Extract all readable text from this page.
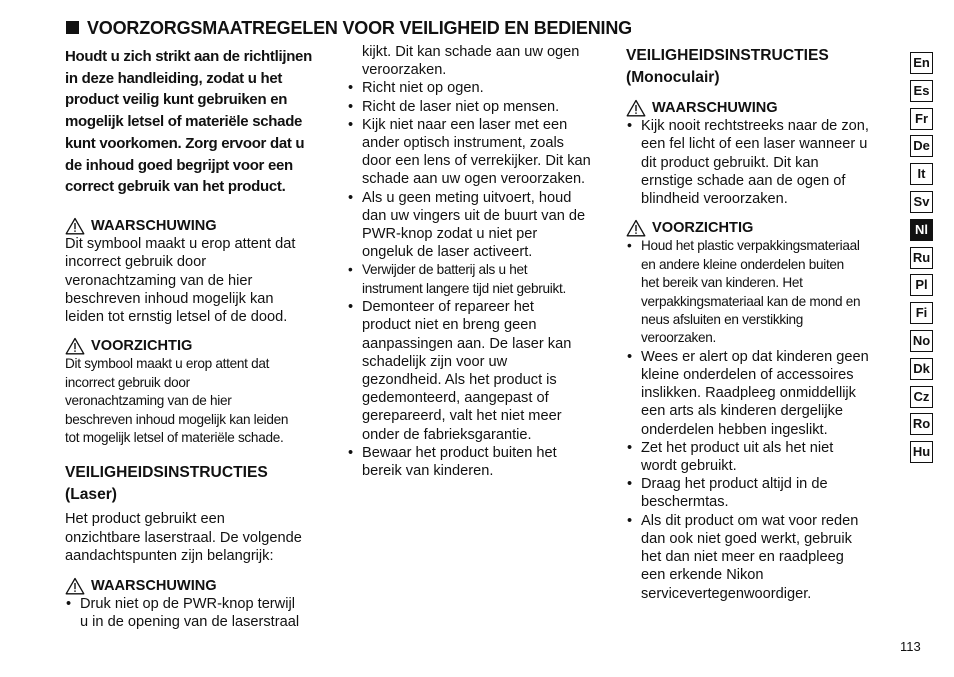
VOORZORGSMAATREGELEN VOOR VEILIGHEID EN BEDIENING
Houdt u zich strikt aan de richtlijnen
in deze handleiding, zodat u het
product veilig kunt gebruiken en
mogelijk letsel of materiële schade
kunt voorkomen. Zorg ervoor dat u
de inhoud goed begrijpt voor een
correct gebruik van het product.
WAARSCHUWING
Dit symbool maakt u erop attent dat
incorrect gebruik door
veronachtzaming van de hier
beschreven inhoud mogelijk kan
leiden tot ernstig letsel of de dood.
VOORZICHTIG
Dit symbool maakt u erop attent dat
incorrect gebruik door
veronachtzaming van de hier
beschreven inhoud mogelijk kan leiden
tot mogelijk letsel of materiële schade.
VEILIGHEIDSINSTRUCTIES
(Laser)
Het product gebruikt een
onzichtbare laserstraal. De volgende
aandachtspunten zijn belangrijk:
WAARSCHUWING
• Druk niet op de PWR-knop terwijl
u in de opening van de laserstraal
kijkt. Dit kan schade aan uw ogen
veroorzaken.
• Richt niet op ogen.
• Richt de laser niet op mensen.
• Kijk niet naar een laser met een
ander optisch instrument, zoals
door een lens of verrekijker. Dit kan
schade aan uw ogen veroorzaken.
• Als u geen meting uitvoert, houd
dan uw vingers uit de buurt van de
PWR-knop zodat u niet per
ongeluk de laser activeert.
• Verwijder de batterij als u het
instrument langere tijd niet gebruikt.
• Demonteer of repareer het
product niet en breng geen
aanpassingen aan. De laser kan
schadelijk zijn voor uw
gezondheid. Als het product is
gedemonteerd, aangepast of
gerepareerd, valt het niet meer
onder de fabrieksgarantie.
• Bewaar het product buiten het
bereik van kinderen.
VEILIGHEIDSINSTRUCTIES
(Monoculair)
WAARSCHUWING
• Kijk nooit rechtstreeks naar de zon,
een fel licht of een laser wanneer u
dit product gebruikt. Dit kan
ernstige schade aan de ogen of
blindheid veroorzaken.
VOORZICHTIG
• Houd het plastic verpakkingsmateriaal
en andere kleine onderdelen buiten
het bereik van kinderen. Het
verpakkingsmateriaal kan de mond en
neus afsluiten en verstikking
veroorzaken.
• Wees er alert op dat kinderen geen
kleine onderdelen of accessoires
inslikken. Raadpleeg onmiddellijk
een arts als kinderen dergelijke
onderdelen hebben ingeslikt.
• Zet het product uit als het niet
wordt gebruikt.
• Draag het product altijd in de
beschermtas.
• Als dit product om wat voor reden
dan ook niet goed werkt, gebruik
het dan niet meer en raadpleeg
een erkende Nikon
servicevertegenwoordiger.
En
Es
Fr
De
It
Sv
Nl
Ru
Pl
Fi
No
Dk
Cz
Ro
Hu
113
